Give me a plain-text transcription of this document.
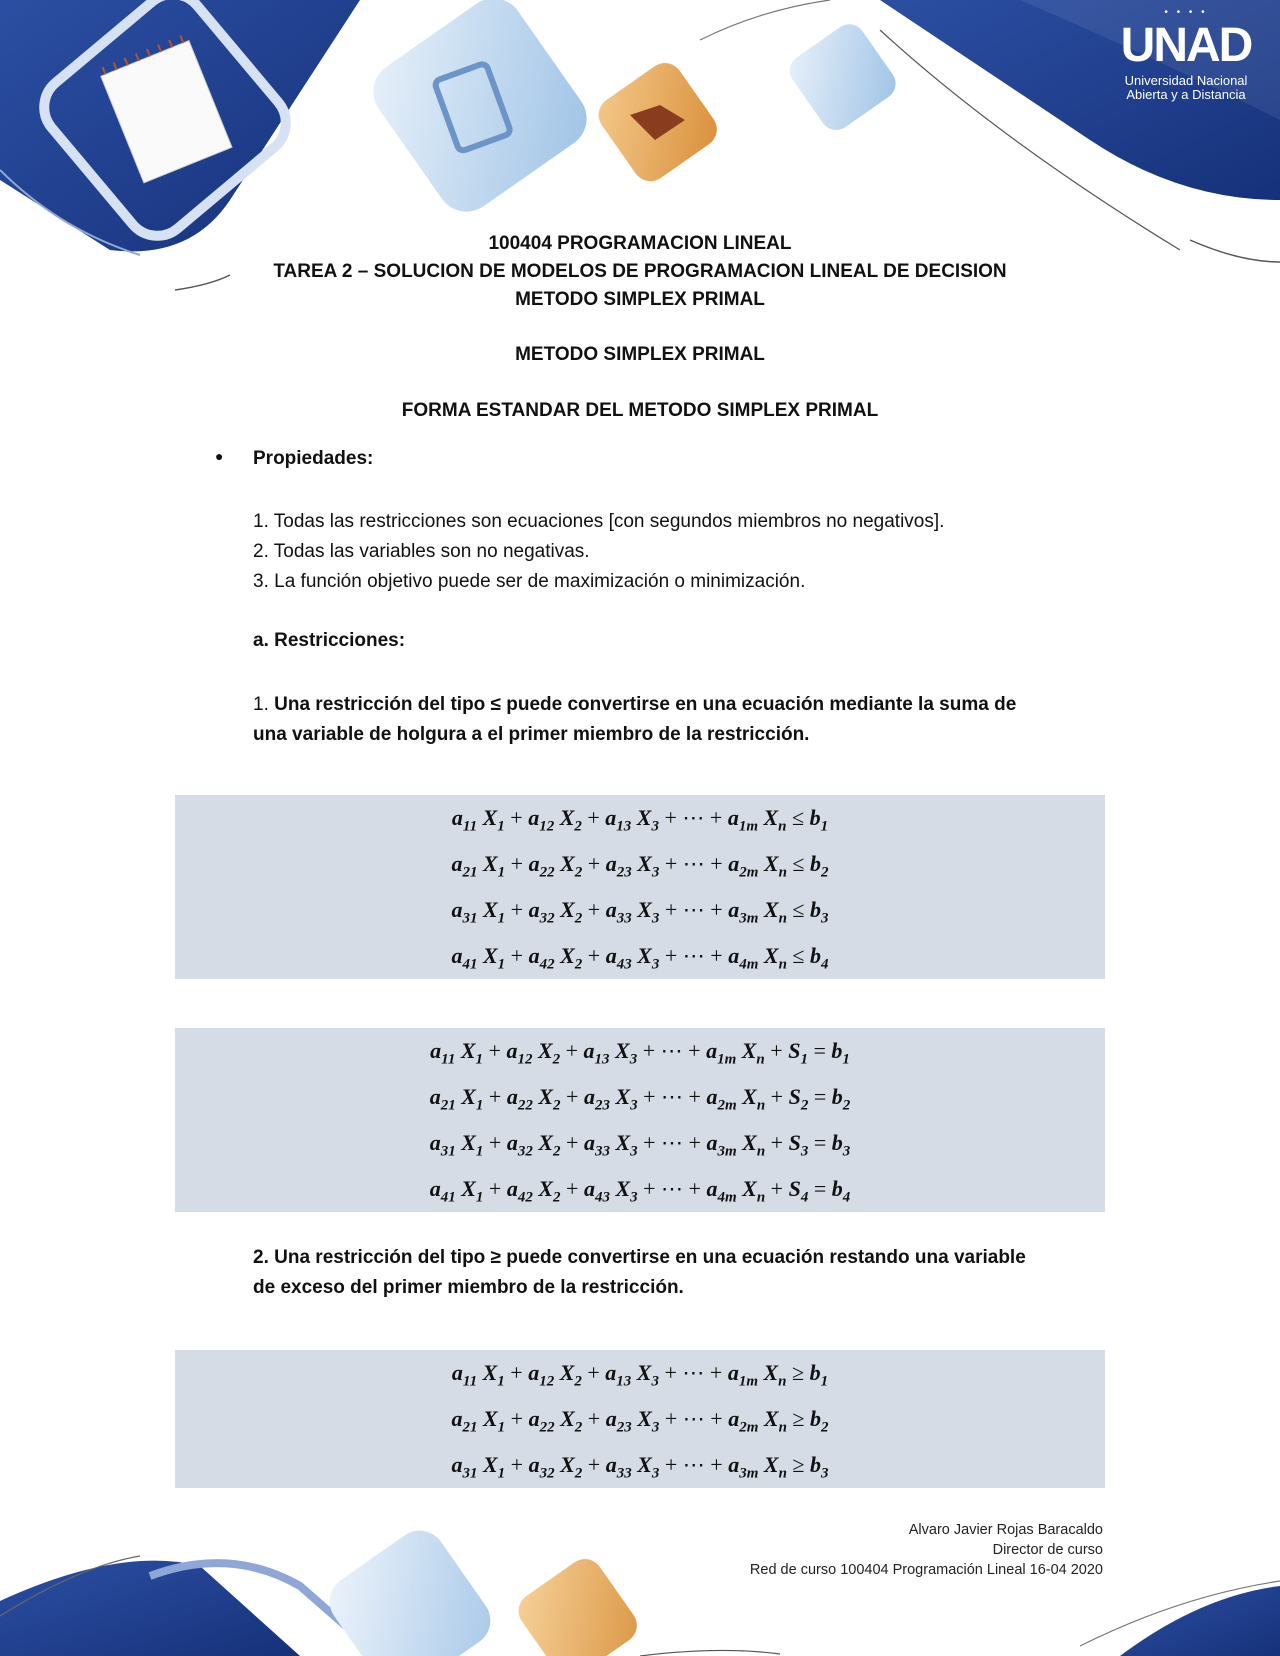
• • • •
UNAD
Universidad Nacional
Abierta y a Distancia
100404 PROGRAMACION LINEAL
TAREA 2 – SOLUCION DE MODELOS DE PROGRAMACION LINEAL DE DECISION
METODO SIMPLEX PRIMAL
METODO SIMPLEX PRIMAL
FORMA ESTANDAR DEL METODO SIMPLEX PRIMAL
● Propiedades:
1. Todas las restricciones son ecuaciones [con segundos miembros no negativos].
2. Todas las variables son no negativas.
3. La función objetivo puede ser de maximización o minimización.
a. Restricciones:
1. Una restricción del tipo ≤ puede convertirse en una ecuación mediante la suma de
una variable de holgura a el primer miembro de la restricción.
$a_{11}$ $X_1 + a_{12}$ $X_2 + a_{13}$ $X_3$ + ⋯ + $a_{1m}$ $X_n \le b_1$
$a_{21}$ $X_1 + a_{22}$ $X_2 + a_{23}$ $X_3$ + ⋯ + $a_{2m}$ $X_n \le b_2$
$a_{31}$ $X_1 + a_{32}$ $X_2 + a_{33}$ $X_3$ + ⋯ + $a_{3m}$ $X_n \le b_3$
$a_{41}$ $X_1 + a_{42}$ $X_2 + a_{43}$ $X_3$ + ⋯ + $a_{4m}$ $X_n \le b_4$
$a_{11}$ $X_1 + a_{12}$ $X_2 + a_{13}$ $X_3$ + ⋯ + $a_{1m}$ $X_n + S_1 = b_1$
$a_{21}$ $X_1 + a_{22}$ $X_2 + a_{23}$ $X_3$ + ⋯ + $a_{2m}$ $X_n + S_2 = b_2$
$a_{31}$ $X_1 + a_{32}$ $X_2 + a_{33}$ $X_3$ + ⋯ + $a_{3m}$ $X_n + S_3 = b_3$
$a_{41}$ $X_1 + a_{42}$ $X_2 + a_{43}$ $X_3$ + ⋯ + $a_{4m}$ $X_n + S_4 = b_4$
2. Una restricción del tipo ≥ puede convertirse en una ecuación restando una variable
de exceso del primer miembro de la restricción.
$a_{11}$ $X_1 + a_{12}$ $X_2 + a_{13}$ $X_3$ + ⋯ + $a_{1m}$ $X_n \ge b_1$
$a_{21}$ $X_1 + a_{22}$ $X_2 + a_{23}$ $X_3$ + ⋯ + $a_{2m}$ $X_n \ge b_2$
$a_{31}$ $X_1 + a_{32}$ $X_2 + a_{33}$ $X_3$ + ⋯ + $a_{3m}$ $X_n \ge b_3$
Alvaro Javier Rojas Baracaldo
Director de curso
Red de curso 100404 Programación Lineal 16-04 2020
